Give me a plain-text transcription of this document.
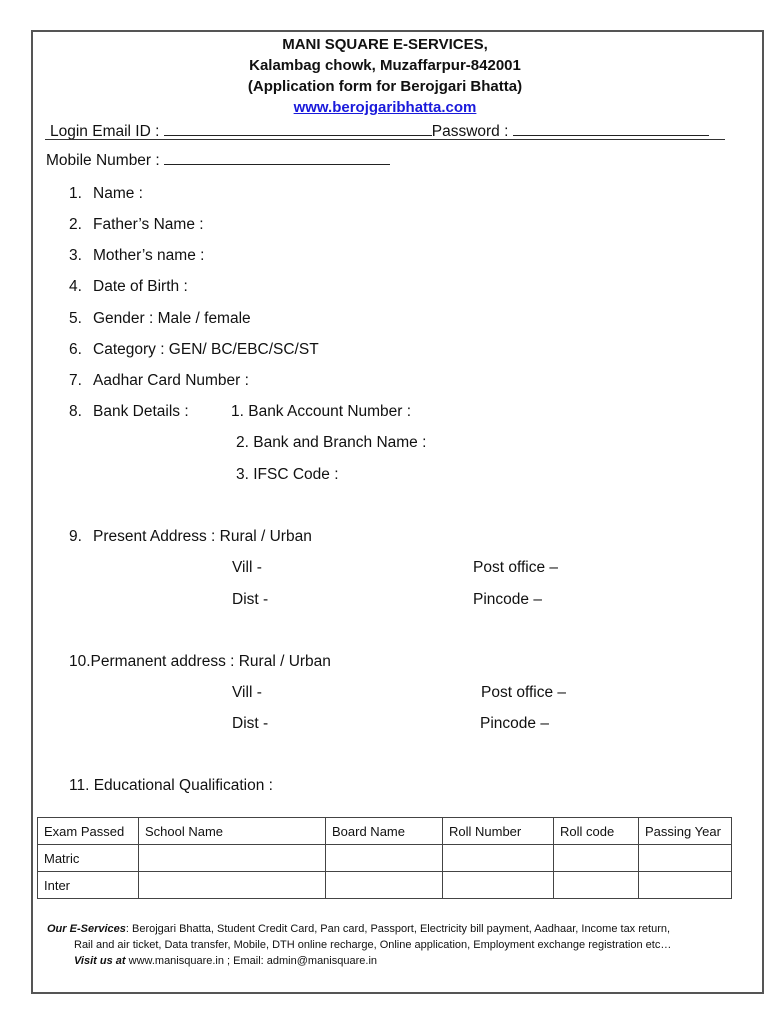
MANI SQUARE E-SERVICES,
Kalambag chowk, Muzaffarpur-842001
(Application form for Berojgari Bhatta)
www.berojgaribhatta.com
Login Email ID :	Password :
Mobile Number :
1. Name :
2. Father’s Name :
3. Mother’s name :
4. Date of Birth :
5. Gender : Male / female
6. Category : GEN/ BC/EBC/SC/ST
7. Aadhar Card Number :
8. Bank Details :	1. Bank Account Number :
2. Bank and Branch Name :
3. IFSC Code :
9. Present Address : Rural / Urban
Vill -	Post office –
Dist -	Pincode –
10.Permanent address : Rural / Urban
Vill -	Post office –
Dist -	Pincode –
11. Educational Qualification :
Exam Passed	School Name	Board Name	Roll Number	Roll code	Passing Year
Matric					
Inter					
Our E-Services: Berojgari Bhatta, Student Credit Card, Pan card, Passport, Electricity bill payment, Aadhaar, Income tax return,
Rail and air ticket, Data transfer, Mobile, DTH online recharge, Online application, Employment exchange registration etc…
Visit us at www.manisquare.in ; Email: admin@manisquare.in
